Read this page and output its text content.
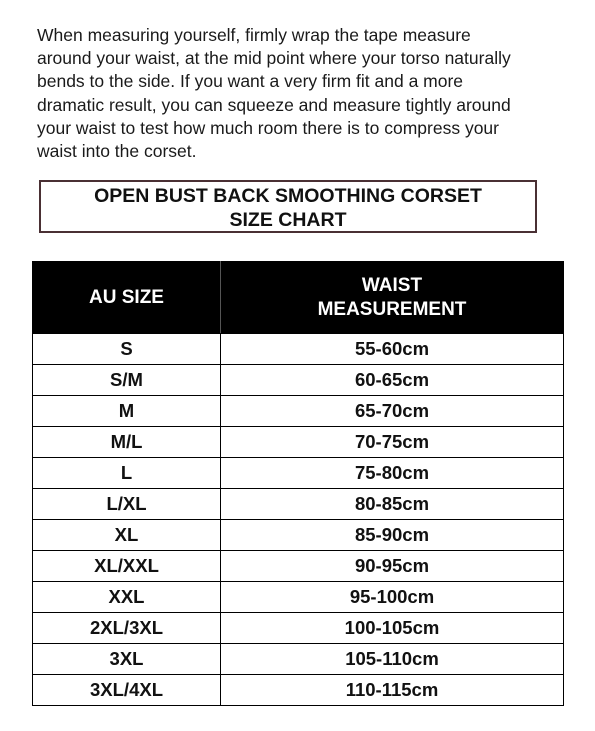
When measuring yourself, firmly wrap the tape measure
around your waist, at the mid point where your torso naturally
bends to the side. If you want a very firm fit and a more
dramatic result, you can squeeze and measure tightly around
your waist to test how much room there is to compress your
waist into the corset.

OPEN BUST BACK SMOOTHING CORSET
SIZE CHART
AU SIZE	WAIST
MEASUREMENT

S	55-60cm
S/M	60-65cm
M	65-70cm
M/L	70-75cm
L	75-80cm
L/XL	80-85cm
XL	85-90cm
XL/XXL	90-95cm
XXL	95-100cm
2XL/3XL	100-105cm
3XL	105-110cm
3XL/4XL	110-115cm
